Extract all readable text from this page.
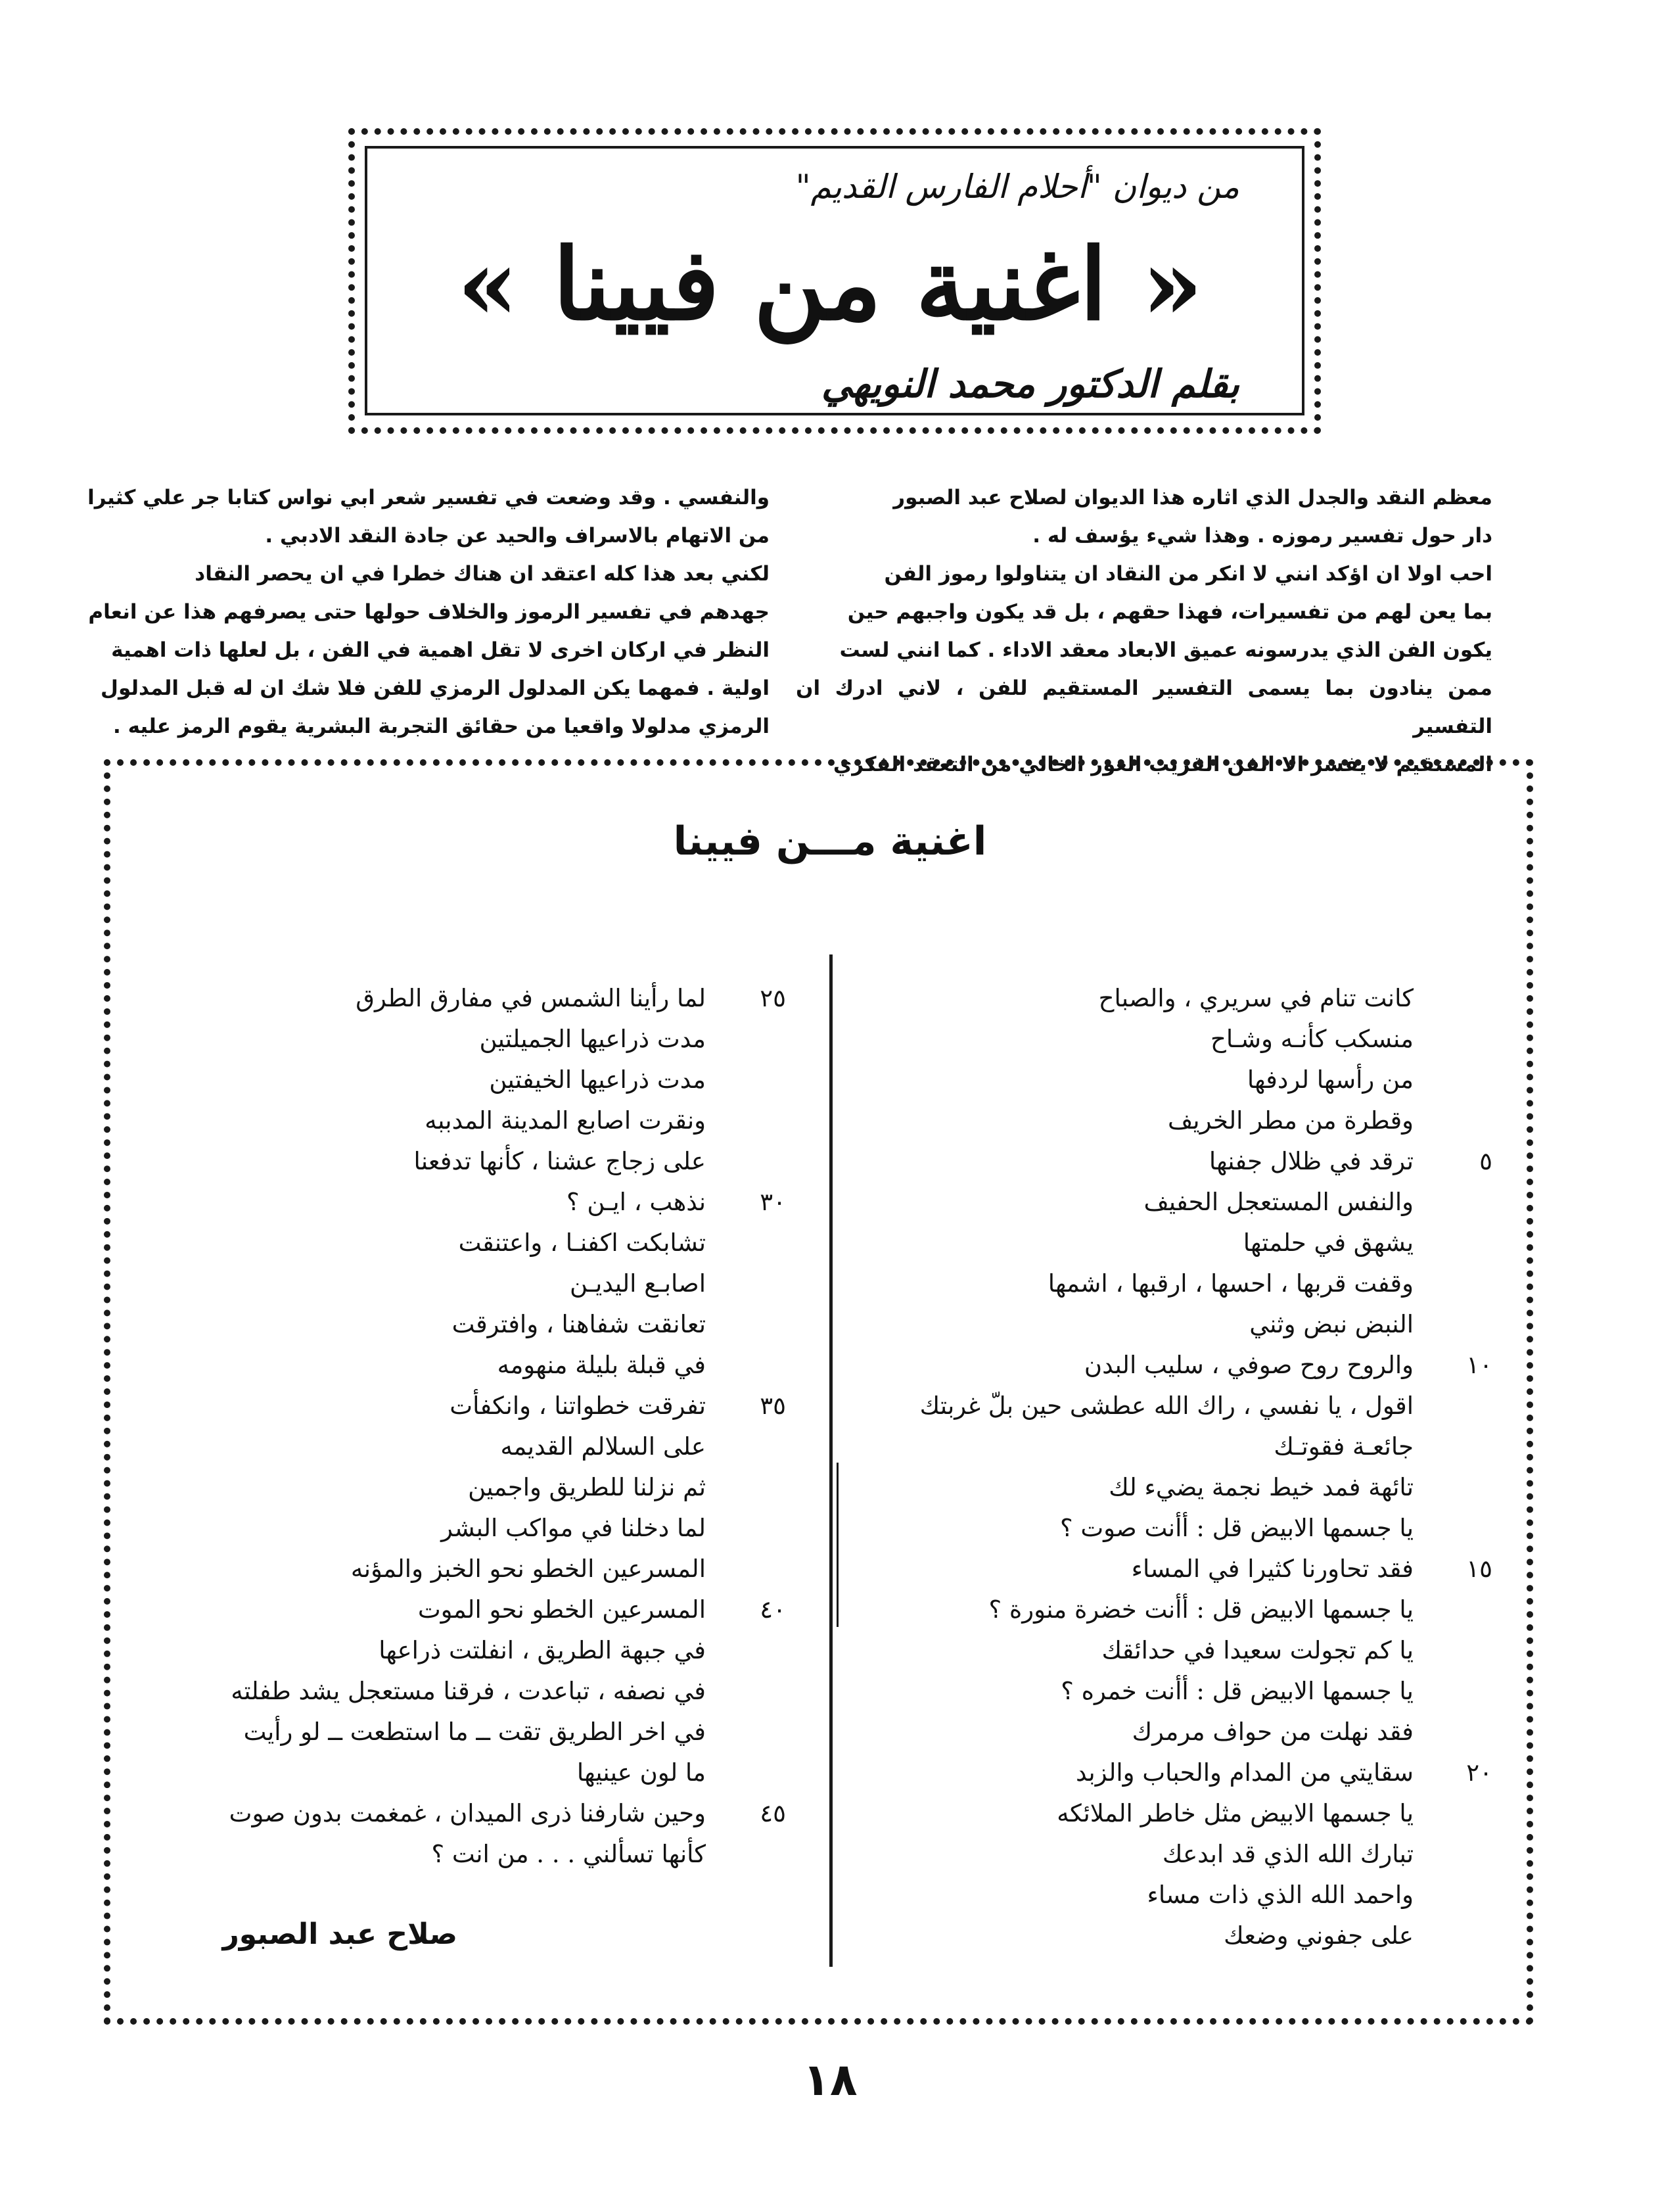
من ديوان "أحلام الفارس القديم"
« اغنية من فيينا »
بقلم الدكتور محمد النويهي
معظم النقد والجدل الذي اثاره هذا الديوان لصلاح عبد الصبور
دار حول تفسير رموزه . وهذا شيء يؤسف له .
احب اولا ان اؤكد انني لا انكر من النقاد ان يتناولوا رموز الفن
بما يعن لهم من تفسيرات، فهذا حقهم ، بل قد يكون واجبهم حين
يكون الفن الذي يدرسونه عميق الابعاد معقد الاداء . كما انني لست
ممن ينادون بما يسمى التفسير المستقيم للفن ، لاني ادرك ان التفسير
المستقيم لا يفسر الا الفن القريب الغور الخالي من التعقد الفكري
والنفسي . وقد وضعت في تفسير شعر ابي نواس كتابا جر علي كثيرا
من الاتهام بالاسراف والحيد عن جادة النقد الادبي .
لكني بعد هذا كله اعتقد ان هناك خطرا في ان يحصر النقاد
جهدهم في تفسير الرموز والخلاف حولها حتى يصرفهم هذا عن انعام
النظر في اركان اخرى لا تقل اهمية في الفن ، بل لعلها ذات اهمية
اولية . فمهما يكن المدلول الرمزي للفن فلا شك ان له قبل المدلول
الرمزي مدلولا واقعيا من حقائق التجربة البشرية يقوم الرمز عليه .
اغنية مـــن فيينا
كانت تنام في سريري ، والصباح
منسكب كأنـه وشـاح
من رأسها لردفها
وقطرة من مطر الخريف
ترقد في ظلال جفنها	٥
والنفس المستعجل الحفيف
يشهق في حلمتها
وقفت قربها ، احسها ، ارقبها ، اشمها
النبض نبض وثني
والروح روح صوفي ، سليب البدن	١٠
اقول ، يا نفسي ، راك الله عطشى حين بلّ غربتك
جائعـة فقوتـك
تائهة فمد خيط نجمة يضيء لك
يا جسمها الابيض قل : أأنت صوت ؟
فقد تحاورنا كثيرا في المساء	١٥
يا جسمها الابيض قل : أأنت خضرة منورة ؟
يا كم تجولت سعيدا في حدائقك
يا جسمها الابيض قل : أأنت خمره ؟
فقد نهلت من حواف مرمرك
سقايتي من المدام والحباب والزبد	٢٠
يا جسمها الابيض مثل خاطر الملائكه
تبارك الله الذي قد ابدعك
واحمد الله الذي ذات مساء
على جفوني وضعك
لما رأينا الشمس في مفارق الطرق	٢٥
مدت ذراعيها الجميلتين
مدت ذراعيها الخيفتين
ونقرت اصابع المدينة المدببه
على زجاج عشنا ، كأنها تدفعنا
نذهب ، ايـن ؟	٣٠
تشابكت اكفنـا ، واعتنقت
اصابـع اليديـن
تعانقت شفاهنا ، وافترقت
في قبلة بليلة منهومه
تفرقت خطواتنا ، وانكفأت	٣٥
على السلالم القديمه
ثم نزلنا للطريق واجمين
لما دخلنا في مواكب البشر
المسرعين الخطو نحو الخبز والمؤنه
المسرعين الخطو نحو الموت	٤٠
في جبهة الطريق ، انفلتت ذراعها
في نصفه ، تباعدت ، فرقنا مستعجل يشد طفلته
في اخر الطريق تقت ــ ما استطعت ــ لو رأيت
ما لون عينيها
وحين شارفنا ذرى الميدان ، غمغمت بدون صوت	٤٥
كأنها تسألني . . . من انت ؟
صلاح عبد الصبور
١٨
